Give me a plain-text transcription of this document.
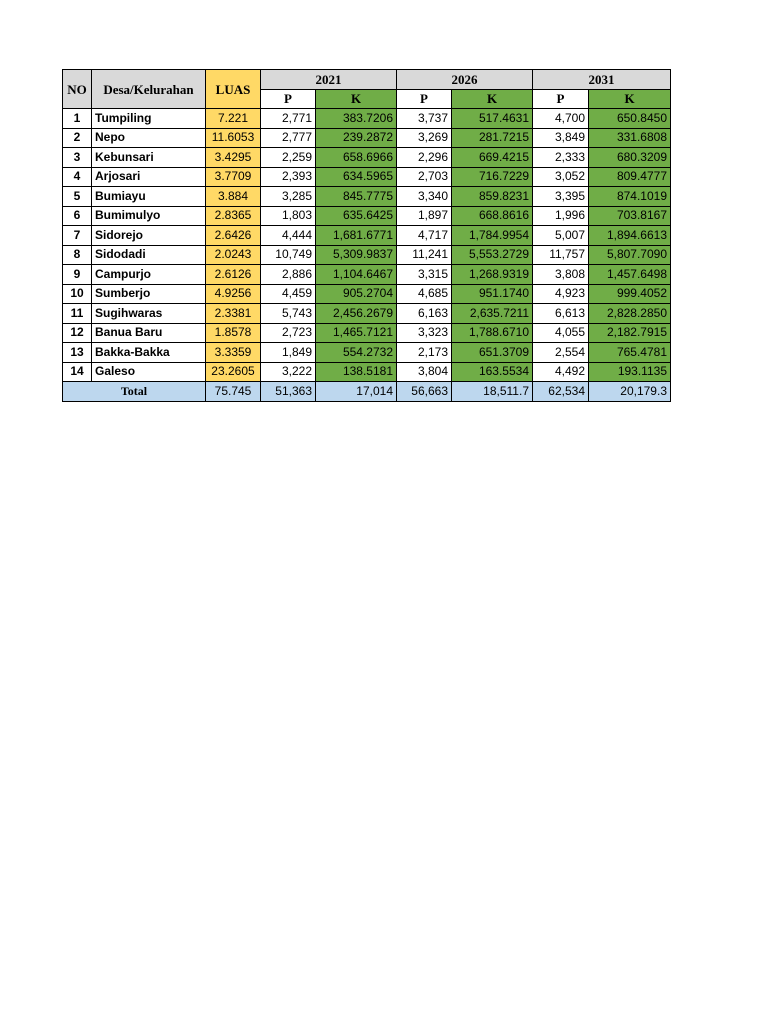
NO	Desa/Kelurahan	LUAS	2021		2026		2031	
			P	K	P	K	P	K
1	Tumpiling	7.221	2,771	383.7206	3,737	517.4631	4,700	650.8450
2	Nepo	11.6053	2,777	239.2872	3,269	281.7215	3,849	331.6808
3	Kebunsari	3.4295	2,259	658.6966	2,296	669.4215	2,333	680.3209
4	Arjosari	3.7709	2,393	634.5965	2,703	716.7229	3,052	809.4777
5	Bumiayu	3.884	3,285	845.7775	3,340	859.8231	3,395	874.1019
6	Bumimulyo	2.8365	1,803	635.6425	1,897	668.8616	1,996	703.8167
7	Sidorejo	2.6426	4,444	1,681.6771	4,717	1,784.9954	5,007	1,894.6613
8	Sidodadi	2.0243	10,749	5,309.9837	11,241	5,553.2729	11,757	5,807.7090
9	Campurjo	2.6126	2,886	1,104.6467	3,315	1,268.9319	3,808	1,457.6498
10	Sumberjo	4.9256	4,459	905.2704	4,685	951.1740	4,923	999.4052
11	Sugihwaras	2.3381	5,743	2,456.2679	6,163	2,635.7211	6,613	2,828.2850
12	Banua Baru	1.8578	2,723	1,465.7121	3,323	1,788.6710	4,055	2,182.7915
13	Bakka-Bakka	3.3359	1,849	554.2732	2,173	651.3709	2,554	765.4781
14	Galeso	23.2605	3,222	138.5181	3,804	163.5534	4,492	193.1135
Total		75.745	51,363	17,014	56,663	18,511.7	62,534	20,179.3
